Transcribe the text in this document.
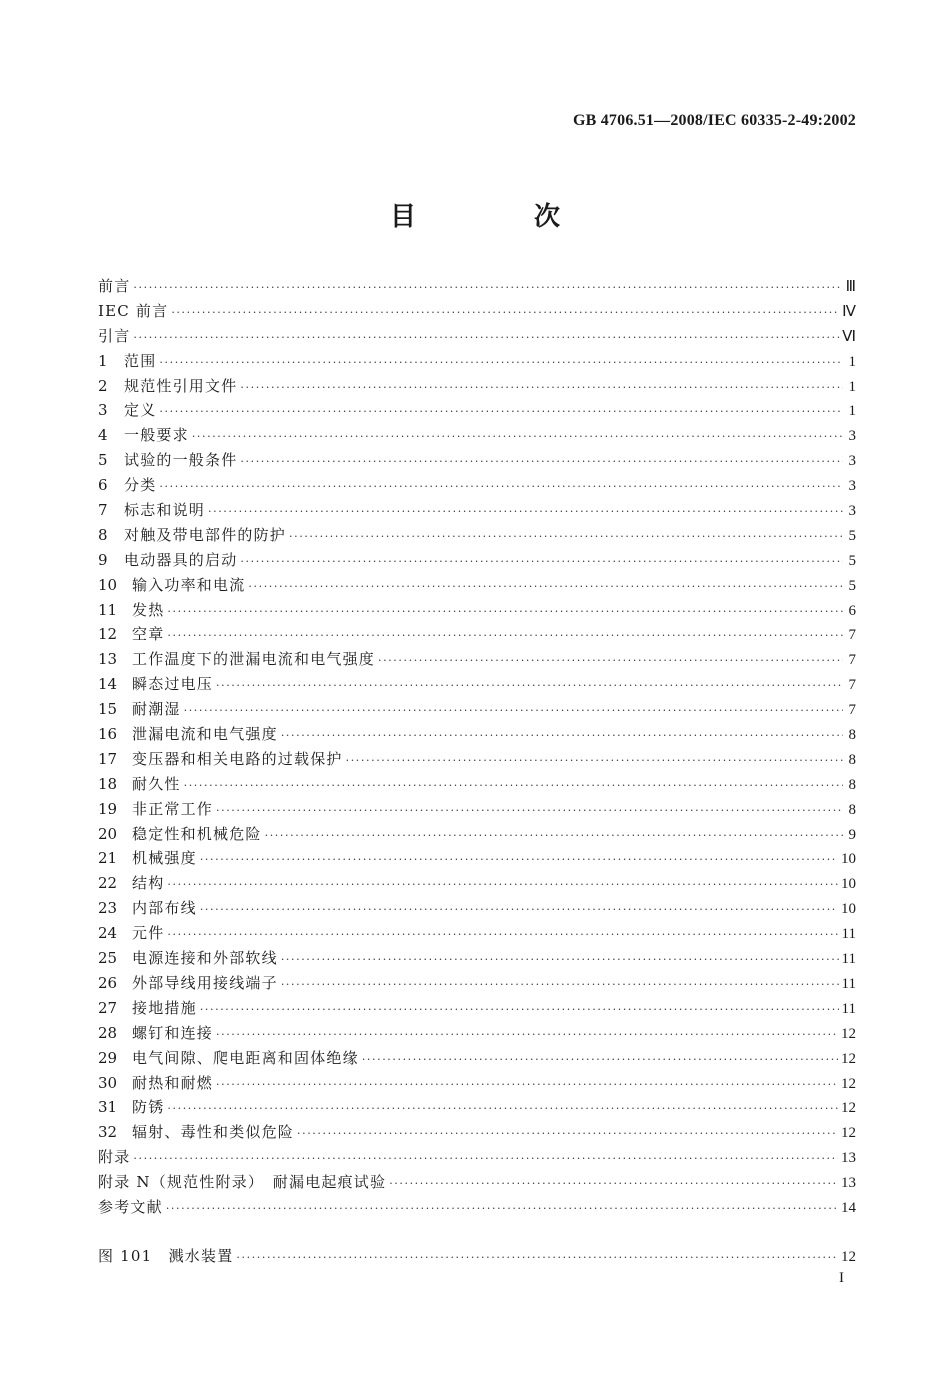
GB 4706.51—2008/IEC 60335-2-49:2002
目　次
前言 ·····	Ⅲ
IEC 前言 ·····	Ⅳ
引言 ·····	Ⅵ
1	范围 ·····	1
2	规范性引用文件 ·····	1
3	定义 ·····	1
4	一般要求 ·····	3
5	试验的一般条件 ·····	3
6	分类 ·····	3
7	标志和说明 ·····	3
8	对触及带电部件的防护 ·····	5
9	电动器具的启动 ·····	5
10 输入功率和电流 ·····	5
11 发热 ·····	6
12 空章 ·····	7
13 工作温度下的泄漏电流和电气强度 ·····	7
14 瞬态过电压 ·····	7
15 耐潮湿 ·····	7
16 泄漏电流和电气强度 ·····	8
17 变压器和相关电路的过载保护 ·····	8
18 耐久性 ·····	8
19 非正常工作 ·····	8
20 稳定性和机械危险 ·····	9
21 机械强度 ·····	10
22 结构 ·····	10
23 内部布线 ·····	10
24 元件 ·····	11
25 电源连接和外部软线 ·····	11
26 外部导线用接线端子 ·····	11
27 接地措施 ·····	11
28 螺钉和连接 ·····	12
29 电气间隙、爬电距离和固体绝缘 ·····	12
30 耐热和耐燃 ·····	12
31 防锈 ·····	12
32 辐射、毒性和类似危险 ·····	12
附录 ·····	13
附录 N（规范性附录）　耐漏电起痕试验 ·····	13
参考文献 ·····	14
图 101　溅水装置 ·····	12
I
